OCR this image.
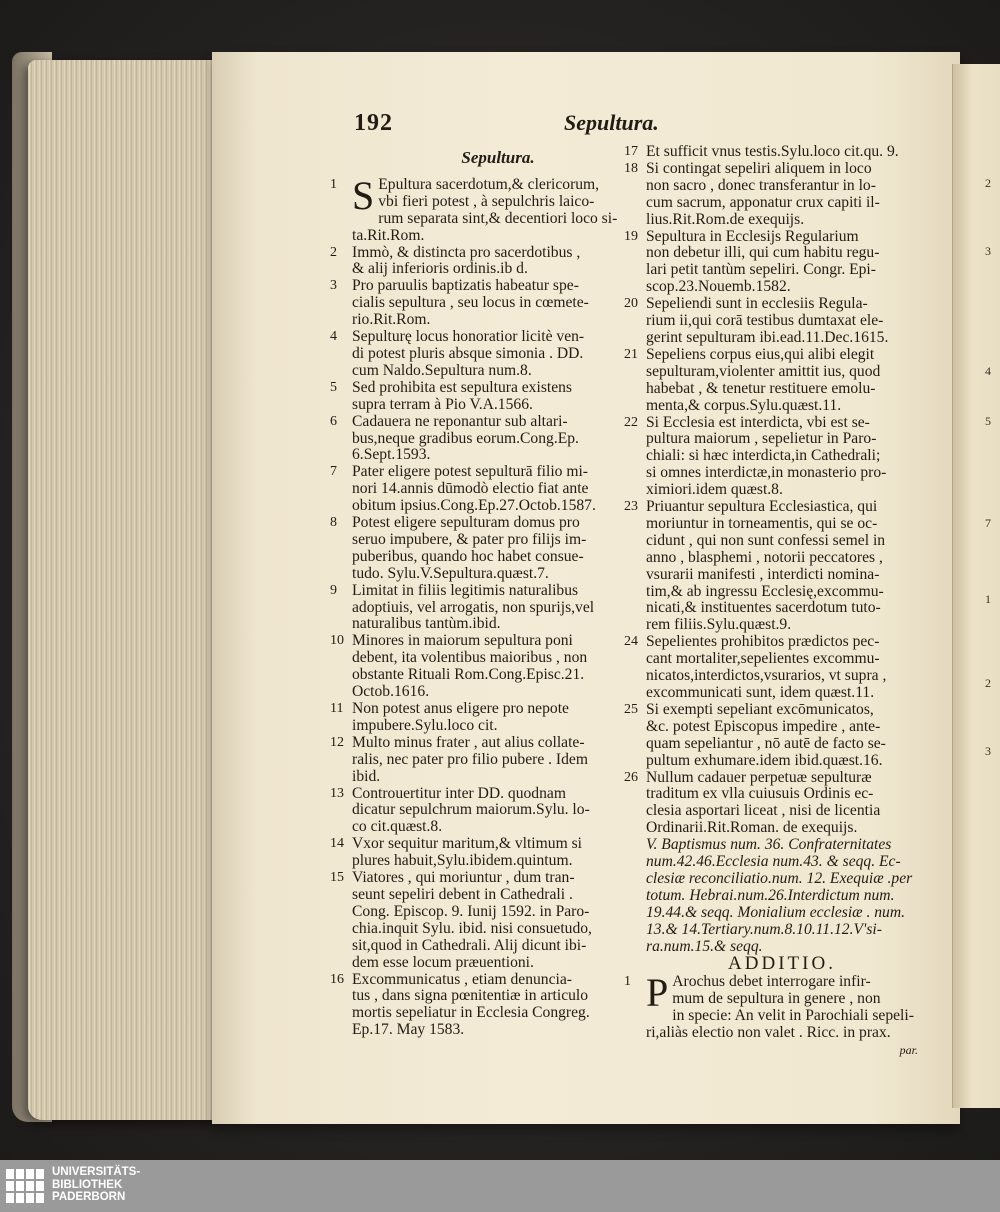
192	Sepultura.
Sepultura.
1 S Epultura sacerdotum,& clericorum,
vbi fieri potest , à sepulchris laico-
rum separata sint,& decentiori loco si-
ta.Rit.Rom.
2 Immò, & distincta pro sacerdotibus ,
& alij inferioris ordinis.ib d.
3 Pro paruulis baptizatis habeatur spe-
cialis sepultura , seu locus in cœmete-
rio.Rit.Rom.
4 Sepulturę locus honoratior licitè ven-
di potest pluris absque simonia . DD.
cum Naldo.Sepultura num.8.
5 Sed prohibita est sepultura existens
supra terram à Pio V.A.1566.
6 Cadauera ne reponantur sub altari-
bus,neque gradibus eorum.Cong.Ep.
6.Sept.1593.
7 Pater eligere potest sepulturā filio mi-
nori 14.annis dūmodò electio fiat ante
obitum ipsius.Cong.Ep.27.Octob.1587.
8 Potest eligere sepulturam domus pro
seruo impubere, & pater pro filijs im-
puberibus, quando hoc habet consue-
tudo. Sylu.V.Sepultura.quæst.7.
9 Limitat in filiis legitimis naturalibus
adoptiuis, vel arrogatis, non spurijs,vel
naturalibus tantùm.ibid.
10 Minores in maiorum sepultura poni
debent, ita volentibus maioribus , non
obstante Rituali Rom.Cong.Episc.21.
Octob.1616.
11 Non potest anus eligere pro nepote
impubere.Sylu.loco cit.
12 Multo minus frater , aut alius collate-
ralis, nec pater pro filio pubere . Idem
ibid.
13 Controuertitur inter DD. quodnam
dicatur sepulchrum maiorum.Sylu. lo-
co cit.quæst.8.
14 Vxor sequitur maritum,& vltimum si
plures habuit,Sylu.ibidem.quintum.
15 Viatores , qui moriuntur , dum tran-
seunt sepeliri debent in Cathedrali .
Cong. Episcop. 9. Iunij 1592. in Paro-
chia.inquit Sylu. ibid. nisi consuetudo,
sit,quod in Cathedrali. Alij dicunt ibi-
dem esse locum præuentioni.
16 Excommunicatus , etiam denuncia-
tus , dans signa pœnitentiæ in articulo
mortis sepeliatur in Ecclesia Congreg.
Ep.17. May 1583.
17 Et sufficit vnus testis.Sylu.loco cit.qu. 9.
18 Si contingat sepeliri aliquem in loco
non sacro , donec transferantur in lo-
cum sacrum, apponatur crux capiti il-
lius.Rit.Rom.de exequijs.
19 Sepultura in Ecclesijs Regularium
non debetur illi, qui cum habitu regu-
lari petit tantùm sepeliri. Congr. Epi-
scop.23.Nouemb.1582.
20 Sepeliendi sunt in ecclesiis Regula-
rium ii,qui corā testibus dumtaxat ele-
gerint sepulturam ibi.ead.11.Dec.1615.
21 Sepeliens corpus eius,qui alibi elegit
sepulturam,violenter amittit ius, quod
habebat , & tenetur restituere emolu-
menta,& corpus.Sylu.quæst.11.
22 Si Ecclesia est interdicta, vbi est se-
pultura maiorum , sepelietur in Paro-
chiali: si hæc interdicta,in Cathedrali;
si omnes interdictæ,in monasterio pro-
ximiori.idem quæst.8.
23 Priuantur sepultura Ecclesiastica, qui
moriuntur in torneamentis, qui se oc-
cidunt , qui non sunt confessi semel in
anno , blasphemi , notorii peccatores ,
vsurarii manifesti , interdicti nomina-
tim,& ab ingressu Ecclesię,excommu-
nicati,& instituentes sacerdotum tuto-
rem filiis.Sylu.quæst.9.
24 Sepelientes prohibitos prædictos pec-
cant mortaliter,sepelientes excommu-
nicatos,interdictos,vsurarios, vt supra ,
excommunicati sunt, idem quæst.11.
25 Si exempti sepeliant excōmunicatos,
&c. potest Episcopus impedire , ante-
quam sepeliantur , nō autē de facto se-
pultum exhumare.idem ibid.quæst.16.
26 Nullum cadauer perpetuæ sepulturæ
traditum ex vlla cuiusuis Ordinis ec-
clesia asportari liceat , nisi de licentia
Ordinarii.Rit.Roman. de exequijs.
V. Baptismus num. 36. Confraternitates
num.42.46.Ecclesia num.43. & seqq. Ec-
clesiæ reconciliatio.num. 12. Exequiæ .per
totum. Hebrai.num.26.Interdictum num.
19.44.& seqq. Monialium ecclesiæ . num.
13.& 14.Tertiary.num.8.10.11.12.V'si-
ra.num.15.& seqq.
ADDITIO.
1 P Arochus debet interrogare infir-
mum de sepultura in genere , non
in specie: An velit in Parochiali sepeli-
ri,aliàs electio non valet . Ricc. in prax.
par.
2
3
4
5
7
1
2
3
UNIVERSITÄTS-
BIBLIOTHEK
PADERBORN
